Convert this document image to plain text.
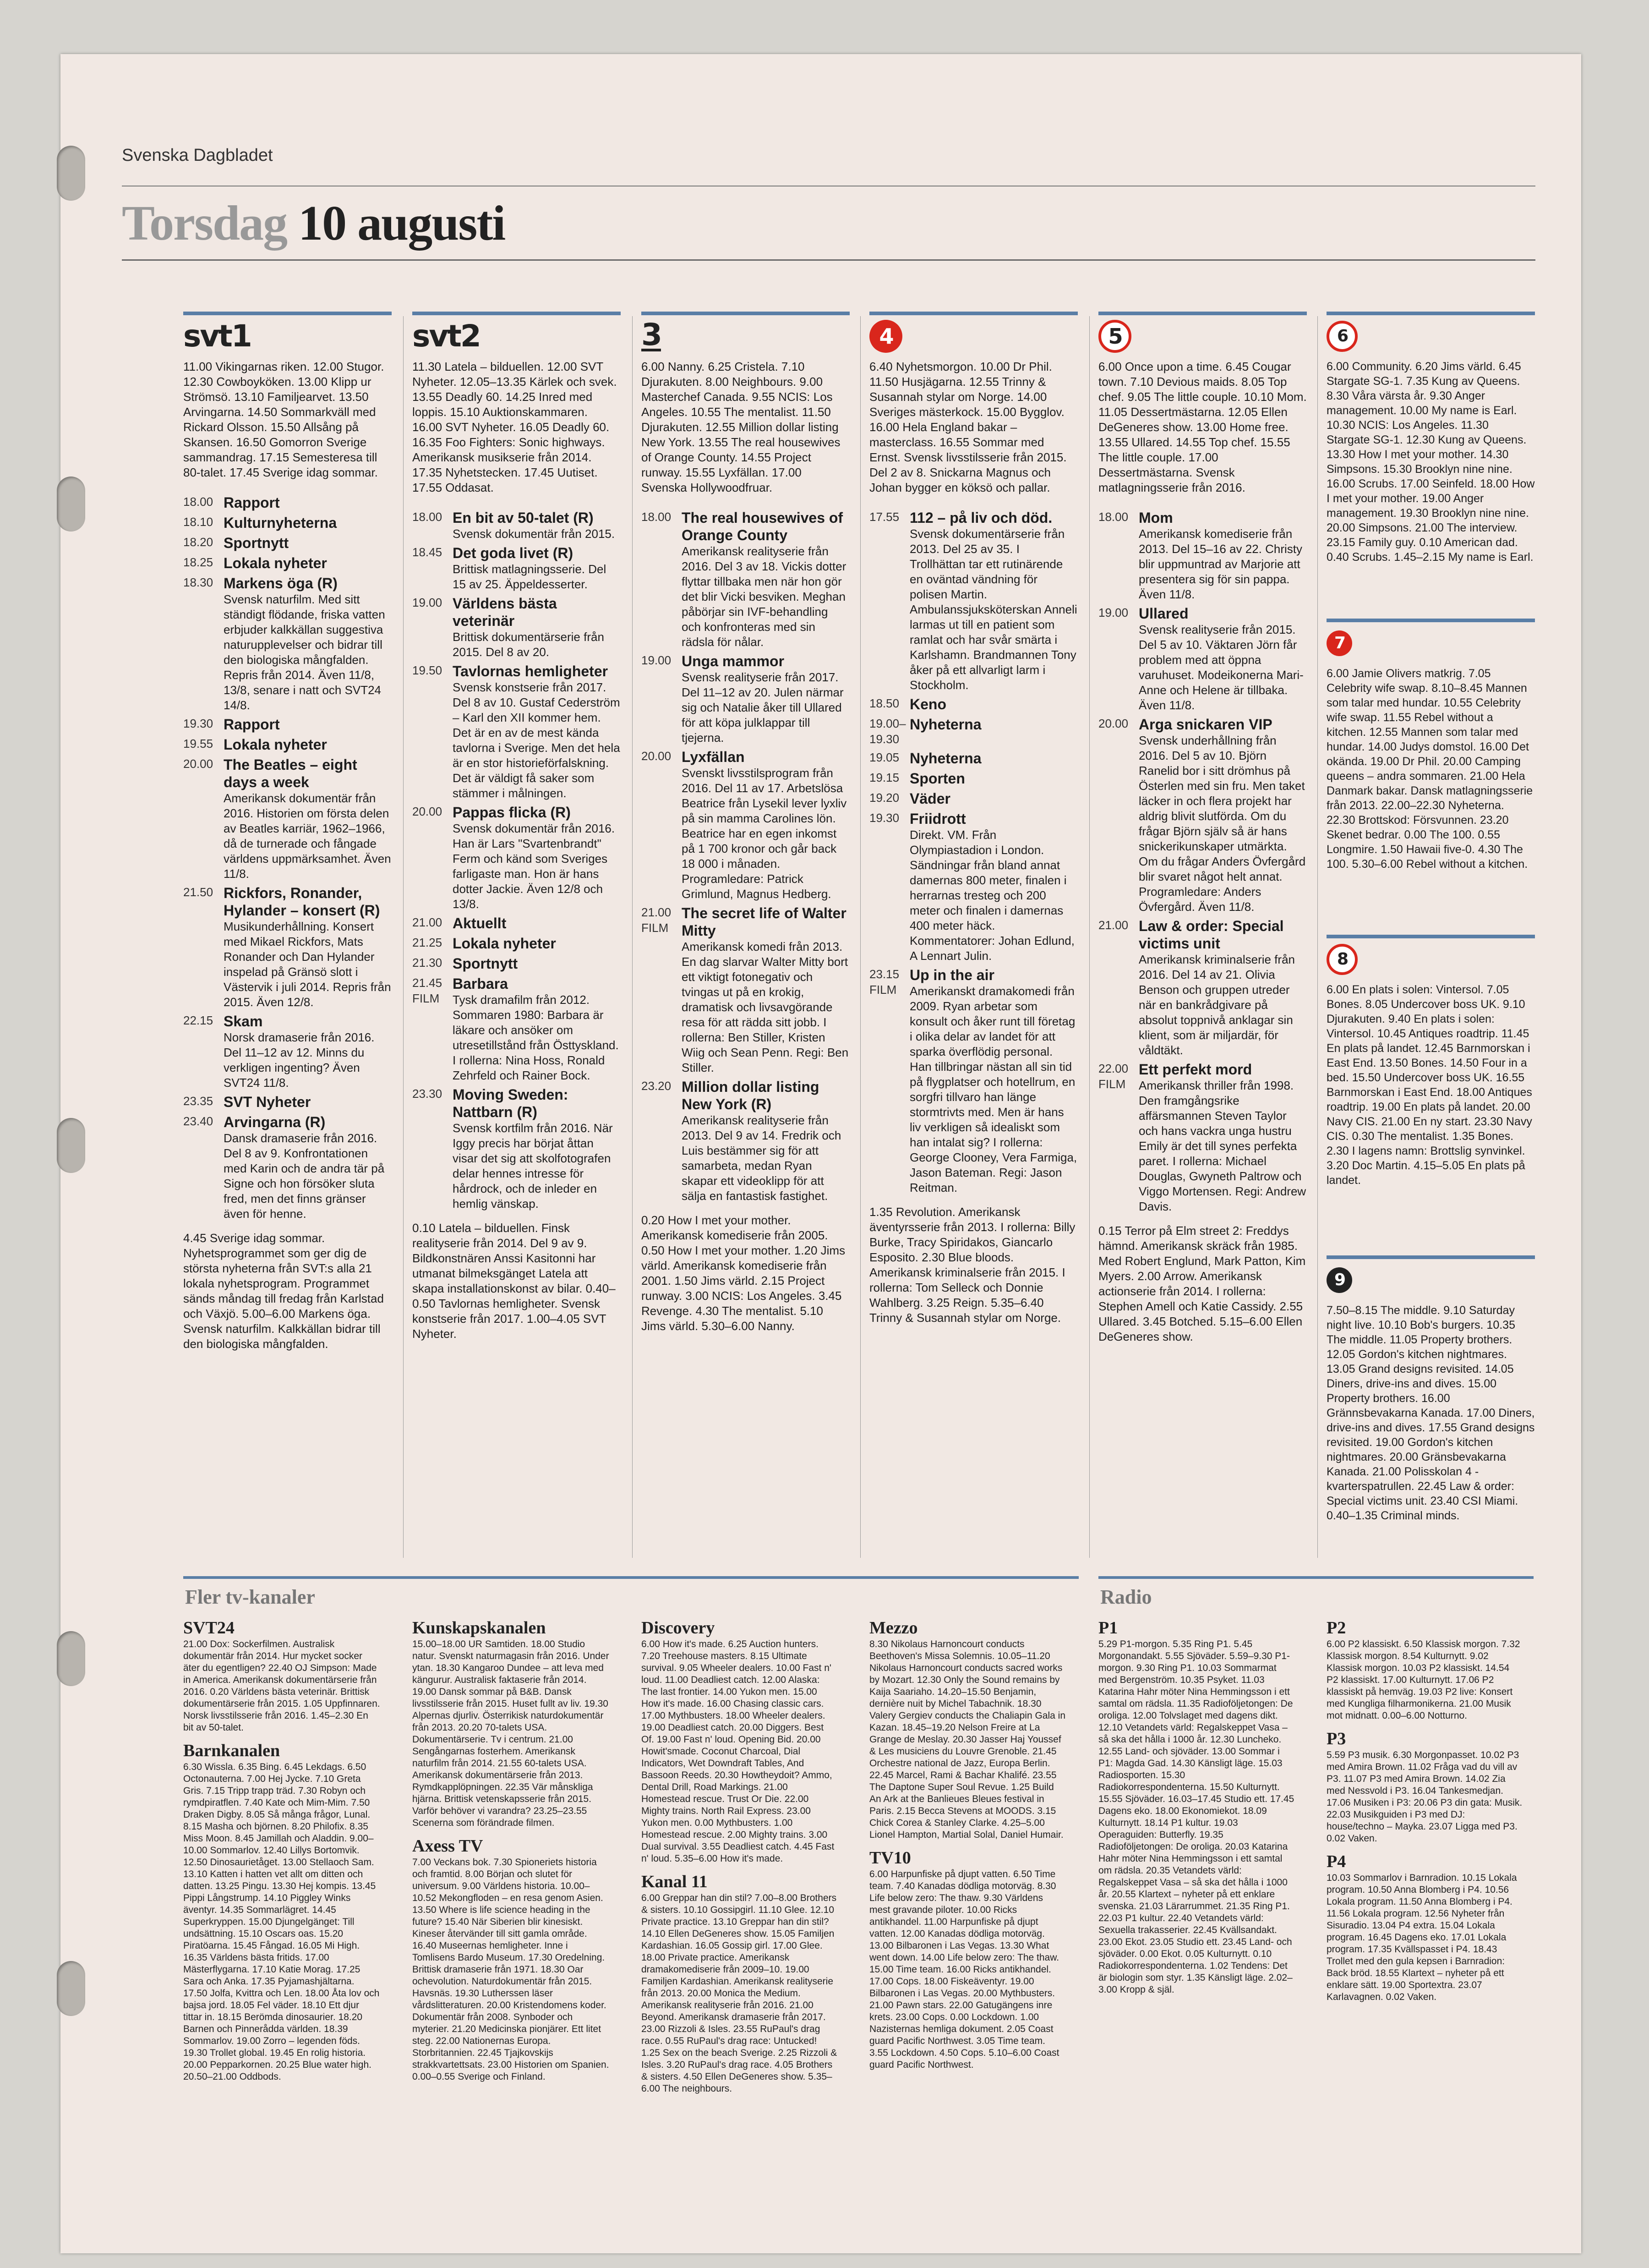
Svenska Dagbladet
Torsdag 10 augusti
svt1
11.00 Vikingarnas riken. 12.00 Stugor. 12.30 Cowboyköken. 13.00 Klipp ur Strömsö. 13.10 Familjearvet. 13.50 Arvingarna. 14.50 Sommarkväll med Rickard Olsson. 15.50 Allsång på Skansen. 16.50 Gomorron Sverige sammandrag. 17.15 Semesteresa till 80-talet. 17.45 Sverige idag sommar.
18.00 Rapport
18.10 Kulturnyheterna
18.20 Sportnytt
18.25 Lokala nyheter
18.30 Markens öga (R)
Svensk naturfilm. Med sitt ständigt flödande, friska vatten erbjuder kalkkällan suggestiva naturupplevelser och bidrar till den biologiska mångfalden. Repris från 2014. Även 11/8, 13/8, senare i natt och SVT24 14/8.
19.30 Rapport
19.55 Lokala nyheter
20.00 The Beatles – eight days a week
Amerikansk dokumentär från 2016. Historien om första delen av Beatles karriär, 1962–1966, då de turnerade och fångade världens uppmärksamhet. Även 11/8.
21.50 Rickfors, Ronander, Hylander – konsert (R)
Musikunderhållning. Konsert med Mikael Rickfors, Mats Ronander och Dan Hylander inspelad på Gränsö slott i Västervik i juli 2014. Repris från 2015. Även 12/8.
22.15 Skam
Norsk dramaserie från 2016. Del 11–12 av 12. Minns du verkligen ingenting? Även SVT24 11/8.
23.35 SVT Nyheter
23.40 Arvingarna (R)
Dansk dramaserie från 2016. Del 8 av 9. Konfrontationen med Karin och de andra tär på Signe och hon försöker sluta fred, men det finns gränser även för henne.
4.45 Sverige idag sommar. Nyhetsprogrammet som ger dig de största nyheterna från SVT:s alla 21 lokala nyhetsprogram. Programmet sänds måndag till fredag från Karlstad och Växjö. 5.00–6.00 Markens öga. Svensk naturfilm. Kalkkällan bidrar till den biologiska mångfalden.
svt2
11.30 Latela – bilduellen. 12.00 SVT Nyheter. 12.05–13.35 Kärlek och svek. 13.55 Deadly 60. 14.25 Inred med loppis. 15.10 Auktionskammaren. 16.00 SVT Nyheter. 16.05 Deadly 60. 16.35 Foo Fighters: Sonic highways. Amerikansk musikserie från 2014. 17.35 Nyhetstecken. 17.45 Uutiset. 17.55 Oddasat.
18.00 En bit av 50-talet (R)
Svensk dokumentär från 2015.
18.45 Det goda livet (R)
Brittisk matlagningsserie. Del 15 av 25. Äppeldesserter.
19.00 Världens bästa veterinär
Brittisk dokumentärserie från 2015. Del 8 av 20.
19.50 Tavlornas hemligheter
Svensk konstserie från 2017. Del 8 av 10. Gustaf Cederström – Karl den XII kommer hem. Det är en av de mest kända tavlorna i Sverige. Men det hela är en stor historieförfalskning. Det är väldigt få saker som stämmer i målningen.
20.00 Pappas flicka (R)
Svensk dokumentär från 2016. Han är Lars "Svartenbrandt" Ferm och känd som Sveriges farligaste man. Hon är hans dotter Jackie. Även 12/8 och 13/8.
21.00 Aktuellt
21.25 Lokala nyheter
21.30 Sportnytt
21.45 FILM
Barbara
Tysk dramafilm från 2012. Sommaren 1980: Barbara är läkare och ansöker om utresetillstånd från Östtyskland. I rollerna: Nina Hoss, Ronald Zehrfeld och Rainer Bock.
23.30 Moving Sweden: Nattbarn (R)
Svensk kortfilm från 2016. När Iggy precis har börjat åttan visar det sig att skolfotografen delar hennes intresse för hårdrock, och de inleder en hemlig vänskap.
0.10 Latela – bilduellen. Finsk realityserie från 2014. Del 9 av 9. Bildkonstnären Anssi Kasitonni har utmanat bilmeksgänget Latela att skapa installationskonst av bilar. 0.40–0.50 Tavlornas hemligheter. Svensk konstserie från 2017. 1.00–4.05 SVT Nyheter.
3
6.00 Nanny. 6.25 Cristela. 7.10 Djurakuten. 8.00 Neighbours. 9.00 Masterchef Canada. 9.55 NCIS: Los Angeles. 10.55 The mentalist. 11.50 Djurakuten. 12.55 Million dollar listing New York. 13.55 The real housewives of Orange County. 14.55 Project runway. 15.55 Lyxfällan. 17.00 Svenska Hollywoodfruar.
18.00 The real housewives of Orange County
Amerikansk realityserie från 2016. Del 3 av 18. Vickis dotter flyttar tillbaka men när hon gör det blir Vicki besviken. Meghan påbörjar sin IVF-behandling och konfronteras med sin rädsla för nålar.
19.00 Unga mammor
Svensk realityserie från 2017. Del 11–12 av 20. Julen närmar sig och Natalie åker till Ullared för att köpa julklappar till tjejerna.
20.00 Lyxfällan
Svenskt livsstilsprogram från 2016. Del 11 av 17. Arbetslösa Beatrice från Lysekil lever lyxliv på sin mamma Carolines lön. Beatrice har en egen inkomst på 1 700 kronor och går back 18 000 i månaden. Programledare: Patrick Grimlund, Magnus Hedberg.
21.00 FILM
The secret life of Walter Mitty
Amerikansk komedi från 2013. En dag slarvar Walter Mitty bort ett viktigt fotonegativ och tvingas ut på en krokig, dramatisk och livsavgörande resa för att rädda sitt jobb. I rollerna: Ben Stiller, Kristen Wiig och Sean Penn. Regi: Ben Stiller.
23.20 Million dollar listing New York (R)
Amerikansk realityserie från 2013. Del 9 av 14. Fredrik och Luis bestämmer sig för att samarbeta, medan Ryan skapar ett videoklipp för att sälja en fantastisk fastighet.
0.20 How I met your mother. Amerikansk komediserie från 2005. 0.50 How I met your mother. 1.20 Jims värld. Amerikansk komediserie från 2001. 1.50 Jims värld. 2.15 Project runway. 3.00 NCIS: Los Angeles. 3.45 Revenge. 4.30 The mentalist. 5.10 Jims värld. 5.30–6.00 Nanny.
4
6.40 Nyhetsmorgon. 10.00 Dr Phil. 11.50 Husjägarna. 12.55 Trinny & Susannah stylar om Norge. 14.00 Sveriges mästerkock. 15.00 Bygglov. 16.00 Hela England bakar – masterclass. 16.55 Sommar med Ernst. Svensk livsstilsserie från 2015. Del 2 av 8. Snickarna Magnus och Johan bygger en köksö och pallar.
17.55 112 – på liv och död.
Svensk dokumentärserie från 2013. Del 25 av 35. I Trollhättan tar ett rutinärende en oväntad vändning för polisen Martin. Ambulanssjuksköterskan Anneli larmas ut till en patient som ramlat och har svår smärta i Karlshamn. Brandmannen Tony åker på ett allvarligt larm i Stockholm.
18.50 Keno
19.00–19.30
Nyheterna
19.05 Nyheterna
19.15 Sporten
19.20 Väder
19.30 Friidrott
Direkt. VM. Från Olympiastadion i London. Sändningar från bland annat damernas 800 meter, finalen i herrarnas tresteg och 200 meter och finalen i damernas 400 meter häck. Kommentatorer: Johan Edlund, A Lennart Julin.
23.15 FILM
Up in the air
Amerikanskt dramakomedi från 2009. Ryan arbetar som konsult och åker runt till företag i olika delar av landet för att sparka överflödig personal. Han tillbringar nästan all sin tid på flygplatser och hotellrum, en sorgfri tillvaro han länge stormtrivts med. Men är hans liv verkligen så idealiskt som han intalat sig? I rollerna: George Clooney, Vera Farmiga, Jason Bateman. Regi: Jason Reitman.
1.35 Revolution. Amerikansk äventyrsserie från 2013. I rollerna: Billy Burke, Tracy Spiridakos, Giancarlo Esposito. 2.30 Blue bloods. Amerikansk kriminalserie från 2015. I rollerna: Tom Selleck och Donnie Wahlberg. 3.25 Reign. 5.35–6.40 Trinny & Susannah stylar om Norge.
5
6.00 Once upon a time. 6.45 Cougar town. 7.10 Devious maids. 8.05 Top chef. 9.05 The little couple. 10.10 Mom. 11.05 Dessertmästarna. 12.05 Ellen DeGeneres show. 13.00 Home free. 13.55 Ullared. 14.55 Top chef. 15.55 The little couple. 17.00 Dessertmästarna. Svensk matlagningsserie från 2016.
18.00 Mom
Amerikansk komediserie från 2013. Del 15–16 av 22. Christy blir uppmuntrad av Marjorie att presentera sig för sin pappa. Även 11/8.
19.00 Ullared
Svensk realityserie från 2015. Del 5 av 10. Väktaren Jörn får problem med att öppna varuhuset. Modeikonerna Mari-Anne och Helene är tillbaka. Även 11/8.
20.00 Arga snickaren VIP
Svensk underhållning från 2016. Del 5 av 10. Björn Ranelid bor i sitt drömhus på Österlen med sin fru. Men taket läcker in och flera projekt har aldrig blivit slutförda. Om du frågar Björn själv så är hans snickerikunskaper utmärkta. Om du frågar Anders Övfergård blir svaret något helt annat. Programledare: Anders Övfergård. Även 11/8.
21.00 Law & order: Special victims unit
Amerikansk kriminalserie från 2016. Del 14 av 21. Olivia Benson och gruppen utreder när en bankrådgivare på absolut toppnivå anklagar sin klient, som är miljardär, för våldtäkt.
22.00 FILM
Ett perfekt mord
Amerikansk thriller från 1998. Den framgångsrike affärsmannen Steven Taylor och hans vackra unga hustru Emily är det till synes perfekta paret. I rollerna: Michael Douglas, Gwyneth Paltrow och Viggo Mortensen. Regi: Andrew Davis.
0.15 Terror på Elm street 2: Freddys hämnd. Amerikansk skräck från 1985. Med Robert Englund, Mark Patton, Kim Myers. 2.00 Arrow. Amerikansk actionserie från 2014. I rollerna: Stephen Amell och Katie Cassidy. 2.55 Ullared. 3.45 Botched. 5.15–6.00 Ellen DeGeneres show.
6
6.00 Community. 6.20 Jims värld. 6.45 Stargate SG-1. 7.35 Kung av Queens. 8.30 Våra värsta år. 9.30 Anger management. 10.00 My name is Earl. 10.30 NCIS: Los Angeles. 11.30 Stargate SG-1. 12.30 Kung av Queens. 13.30 How I met your mother. 14.30 Simpsons. 15.30 Brooklyn nine nine. 16.00 Scrubs. 17.00 Seinfeld. 18.00 How I met your mother. 19.00 Anger management. 19.30 Brooklyn nine nine. 20.00 Simpsons. 21.00 The interview. 23.15 Family guy. 0.10 American dad. 0.40 Scrubs. 1.45–2.15 My name is Earl.
7
6.00 Jamie Olivers matkrig. 7.05 Celebrity wife swap. 8.10–8.45 Mannen som talar med hundar. 10.55 Celebrity wife swap. 11.55 Rebel without a kitchen. 12.55 Mannen som talar med hundar. 14.00 Judys domstol. 16.00 Det okända. 19.00 Dr Phil. 20.00 Camping queens – andra sommaren. 21.00 Hela Danmark bakar. Dansk matlagningsserie från 2013. 22.00–22.30 Nyheterna. 22.30 Brottskod: Försvunnen. 23.20 Skenet bedrar. 0.00 The 100. 0.55 Longmire. 1.50 Hawaii five-0. 4.30 The 100. 5.30–6.00 Rebel without a kitchen.
8
6.00 En plats i solen: Vintersol. 7.05 Bones. 8.05 Undercover boss UK. 9.10 Djurakuten. 9.40 En plats i solen: Vintersol. 10.45 Antiques roadtrip. 11.45 En plats på landet. 12.45 Barnmorskan i East End. 13.50 Bones. 14.50 Four in a bed. 15.50 Undercover boss UK. 16.55 Barnmorskan i East End. 18.00 Antiques roadtrip. 19.00 En plats på landet. 20.00 Navy CIS. 21.00 En ny start. 23.30 Navy CIS. 0.30 The mentalist. 1.35 Bones. 2.30 I lagens namn: Brottslig synvinkel. 3.20 Doc Martin. 4.15–5.05 En plats på landet.
9
7.50–8.15 The middle. 9.10 Saturday night live. 10.10 Bob's burgers. 10.35 The middle. 11.05 Property brothers. 12.05 Gordon's kitchen nightmares. 13.05 Grand designs revisited. 14.05 Diners, drive-ins and dives. 15.00 Property brothers. 16.00 Grännsbevakarna Kanada. 17.00 Diners, drive-ins and dives. 17.55 Grand designs revisited. 19.00 Gordon's kitchen nightmares. 20.00 Gränsbevakarna Kanada. 21.00 Polisskolan 4 - kvarterspatrullen. 22.45 Law & order: Special victims unit. 23.40 CSI Miami. 0.40–1.35 Criminal minds.
Fler tv-kanaler	Radio
SVT24

21.00 Dox: Sockerfilmen. Australisk dokumentär från 2014. Hur mycket socker äter du egentligen? 22.40 OJ Simpson: Made in America. Amerikansk dokumentärserie från 2016. 0.20 Världens bästa veterinär. Brittisk dokumentärserie från 2015. 1.05 Uppfinnaren. Norsk livsstilsserie från 2016. 1.45–2.30 En bit av 50-talet.

Barnkanalen

6.30 Wissla. 6.35 Bing. 6.45 Lekdags. 6.50 Octonauterna. 7.00 Hej Jycke. 7.10 Greta Gris. 7.15 Tripp trapp träd. 7.30 Robyn och rymdpiratflen. 7.40 Kate och Mim-Mim. 7.50 Draken Digby. 8.05 Så många frågor, Lunal. 8.15 Masha och björnen. 8.20 Philofix. 8.35 Miss Moon. 8.45 Jamillah och Aladdin. 9.00–10.00 Sommarlov. 12.40 Lillys Bortomvik. 12.50 Dinosaurietåget. 13.00 Stellaoch Sam. 13.10 Katten i hatten vet allt om ditten och datten. 13.25 Pingu. 13.30 Hej kompis. 13.45 Pippi Långstrump. 14.10 Piggley Winks äventyr. 14.35 Sommarlägret. 14.45 Superkryppen. 15.00 Djungelgänget: Till undsättning. 15.10 Oscars oas. 15.20 Piratöarna. 15.45 Fångad. 16.05 Mi High. 16.35 Världens bästa fritids. 17.00 Mästerflygarna. 17.10 Katie Morag. 17.25 Sara och Anka. 17.35 Pyjamashjältarna. 17.50 Jolfa, Kvittra och Len. 18.00 Åta lov och bajsa jord. 18.05 Fel väder. 18.10 Ett djur tittar in. 18.15 Berömda dinosaurier. 18.20 Barnen och Pinnerådda världen. 18.39 Sommarlov. 19.00 Zorro – legenden föds. 19.30 Trollet global. 19.45 En rolig historia. 20.00 Pepparkornen. 20.25 Blue water high. 20.50–21.00 Oddbods.

Kunskapskanalen

15.00–18.00 UR Samtiden. 18.00 Studio natur. Svenskt naturmagasin från 2016. Under ytan. 18.30 Kangaroo Dundee – att leva med kängurur. Australisk faktaserie från 2014. 19.00 Dansk sommar på B&B. Dansk livsstilsserie från 2015. Huset fullt av liv. 19.30 Alpernas djurliv. Österrikisk naturdokumentär från 2013. 20.20 70-talets USA. Dokumentärserie. Tv i centrum. 21.00 Sengångarnas fosterhem. Amerikansk naturfilm från 2014. 21.55 60-talets USA. Amerikansk dokumentärserie från 2013. Rymdkapplöpningen. 22.35 Vär månskliga hjärna. Brittisk vetenskapsserie från 2015. Varför behöver vi varandra? 23.25–23.55 Scenerna som förändrade filmen.

Axess TV

7.00 Veckans bok. 7.30 Spioneriets historia och framtid. 8.00 Början och slutet för universum. 9.00 Världens historia. 10.00–10.52 Mekongfloden – en resa genom Asien. 13.50 Where is life science heading in the future? 15.40 När Siberien blir kinesiskt. Kineser återvänder till sitt gamla område. 16.40 Museernas hemligheter. Inne i Tomlisens Bardo Museum. 17.30 Oredelning. Brittisk dramaserie från 1971. 18.30 Oar ochevolution. Naturdokumentär från 2015. Havsnäs. 19.30 Lutherssen läser vårdslitteraturen. 20.00 Kristendomens koder. Dokumentär från 2008. Synboder och myterier. 21.20 Medicinska pionjärer. Ett litet steg. 22.00 Nationernas Europa. Storbritannien. 22.45 Tjajkovskijs strakkvartettsats. 23.00 Historien om Spanien. 0.00–0.55 Sverige och Finland.

Discovery

6.00 How it's made. 6.25 Auction hunters. 7.20 Treehouse masters. 8.15 Ultimate survival. 9.05 Wheeler dealers. 10.00 Fast n' loud. 11.00 Deadliest catch. 12.00 Alaska: The last frontier. 14.00 Yukon men. 15.00 How it's made. 16.00 Chasing classic cars. 17.00 Mythbusters. 18.00 Wheeler dealers. 19.00 Deadliest catch. 20.00 Diggers. Best Of. 19.00 Fast n' loud. Opening Bid. 20.00 Howit'smade. Coconut Charcoal, Dial Indicators, Wet Downdraft Tables, And Bassoon Reeds. 20.30 Howtheydoit? Ammo, Dental Drill, Road Markings. 21.00 Homestead rescue. Trust Or Die. 22.00 Mighty trains. North Rail Express. 23.00 Yukon men. 0.00 Mythbusters. 1.00 Homestead rescue. 2.00 Mighty trains. 3.00 Dual survival. 3.55 Deadliest catch. 4.45 Fast n' loud. 5.35–6.00 How it's made.

Kanal 11

6.00 Greppar han din stil? 7.00–8.00 Brothers & sisters. 10.10 Gossipgirl. 11.10 Glee. 12.10 Private practice. 13.10 Greppar han din stil? 14.10 Ellen DeGeneres show. 15.05 Familjen Kardashian. 16.05 Gossip girl. 17.00 Glee. 18.00 Private practice. Amerikansk dramakomediserie från 2009–10. 19.00 Familjen Kardashian. Amerikansk realityserie från 2013. 20.00 Monica the Medium. Amerikansk realityserie från 2016. 21.00 Beyond. Amerikansk dramaserie från 2017. 23.00 Rizzoli & Isles. 23.55 RuPaul's drag race. 0.55 RuPaul's drag race: Untucked! 1.25 Sex on the beach Sverige. 2.25 Rizzoli & Isles. 3.20 RuPaul's drag race. 4.05 Brothers & sisters. 4.50 Ellen DeGeneres show. 5.35–6.00 The neighbours.

Mezzo

8.30 Nikolaus Harnoncourt conducts Beethoven's Missa Solemnis. 10.05–11.20 Nikolaus Harnoncourt conducts sacred works by Mozart. 12.30 Only the Sound remains by Kaija Saariaho. 14.20–15.50 Benjamin, dernière nuit by Michel Tabachnik. 18.30 Valery Gergiev conducts the Chaliapin Gala in Kazan. 18.45–19.20 Nelson Freire at La Grange de Meslay. 20.30 Jasser Haj Youssef & Les musiciens du Louvre Grenoble. 21.45 Orchestre national de Jazz, Europa Berlin. 22.45 Marcel, Rami & Bachar Khalifé. 23.55 The Daptone Super Soul Revue. 1.25 Build An Ark at the Banlieues Bleues festival in Paris. 2.15 Becca Stevens at MOODS. 3.15 Chick Corea & Stanley Clarke. 4.25–5.00 Lionel Hampton, Martial Solal, Daniel Humair.

TV10

6.00 Harpunfiske på djupt vatten. 6.50 Time team. 7.40 Kanadas dödliga motorväg. 8.30 Life below zero: The thaw. 9.30 Världens mest gravande piloter. 10.00 Ricks antikhandel. 11.00 Harpunfiske på djupt vatten. 12.00 Kanadas dödliga motorväg. 13.00 Bilbaronen i Las Vegas. 13.30 What went down. 14.00 Life below zero: The thaw. 15.00 Time team. 16.00 Ricks antikhandel. 17.00 Cops. 18.00 Fiskeäventyr. 19.00 Bilbaronen i Las Vegas. 20.00 Mythbusters. 21.00 Pawn stars. 22.00 Gatugängens inre krets. 23.00 Cops. 0.00 Lockdown. 1.00 Nazisternas hemliga dokument. 2.05 Coast guard Pacific Northwest. 3.05 Time team. 3.55 Lockdown. 4.50 Cops. 5.10–6.00 Coast guard Pacific Northwest.

P1

5.29 P1-morgon. 5.35 Ring P1. 5.45 Morgonandakt. 5.55 Sjöväder. 5.59–9.30 P1-morgon. 9.30 Ring P1. 10.03 Sommarmat med Bergenström. 10.35 Psyket. 11.03 Katarina Hahr möter Nina Hemmingsson i ett samtal om rädsla. 11.35 Radioföljetongen: De oroliga. 12.00 Tolvslaget med dagens dikt. 12.10 Vetandets värld: Regalskeppet Vasa – så ska det hålla i 1000 år. 12.30 Luncheko. 12.55 Land- och sjöväder. 13.00 Sommar i P1: Magda Gad. 14.30 Känsligt läge. 15.03 Radiosporten. 15.30 Radiokorrespondenterna. 15.50 Kulturnytt. 15.55 Sjöväder. 16.03–17.45 Studio ett. 17.45 Dagens eko. 18.00 Ekonomiekot. 18.09 Kulturnytt. 18.14 P1 kultur. 19.03 Operaguiden: Butterfly. 19.35 Radioföljetongen: De oroliga. 20.03 Katarina Hahr möter Nina Hemmingsson i ett samtal om rädsla. 20.35 Vetandets värld: Regalskeppet Vasa – så ska det hålla i 1000 år. 20.55 Klartext – nyheter på ett enklare svenska. 21.03 Lärarrummet. 21.35 Ring P1. 22.03 P1 kultur. 22.40 Vetandets värld: Sexuella trakasserier. 22.45 Kvällsandakt. 23.00 Ekot. 23.05 Studio ett. 23.45 Land- och sjöväder. 0.00 Ekot. 0.05 Kulturnytt. 0.10 Radiokorrespondenterna. 1.02 Tendens: Det är biologin som styr. 1.35 Känsligt läge. 2.02–3.00 Kropp & själ.

P2

6.00 P2 klassiskt. 6.50 Klassisk morgon. 7.32 Klassisk morgon. 8.54 Kulturnytt. 9.02 Klassisk morgon. 10.03 P2 klassiskt. 14.54 P2 klassiskt. 17.00 Kulturnytt. 17.06 P2 klassiskt på hemväg. 19.03 P2 live: Konsert med Kungliga filharmonikerna. 21.00 Musik mot midnatt. 0.00–6.00 Notturno.

P3

5.59 P3 musik. 6.30 Morgonpasset. 10.02 P3 med Amira Brown. 11.02 Fråga vad du vill av P3. 11.07 P3 med Amira Brown. 14.02 Zia med Nessvold i P3. 16.04 Tankesmedjan. 17.06 Musiken i P3: 20.06 P3 din gata: Musik. 22.03 Musikguiden i P3 med DJ: house/techno – Mayka. 23.07 Ligga med P3. 0.02 Vaken.

P4

10.03 Sommarlov i Barnradion. 10.15 Lokala program. 10.50 Anna Blomberg i P4. 10.56 Lokala program. 11.50 Anna Blomberg i P4. 11.56 Lokala program. 12.56 Nyheter från Sisuradio. 13.04 P4 extra. 15.04 Lokala program. 16.45 Dagens eko. 17.01 Lokala program. 17.35 Kvällspasset i P4. 18.43 Trollet med den gula kepsen i Barnradion: Back bröd. 18.55 Klartext – nyheter på ett enklare sätt. 19.00 Sportextra. 23.07 Karlavagnen. 0.02 Vaken.
